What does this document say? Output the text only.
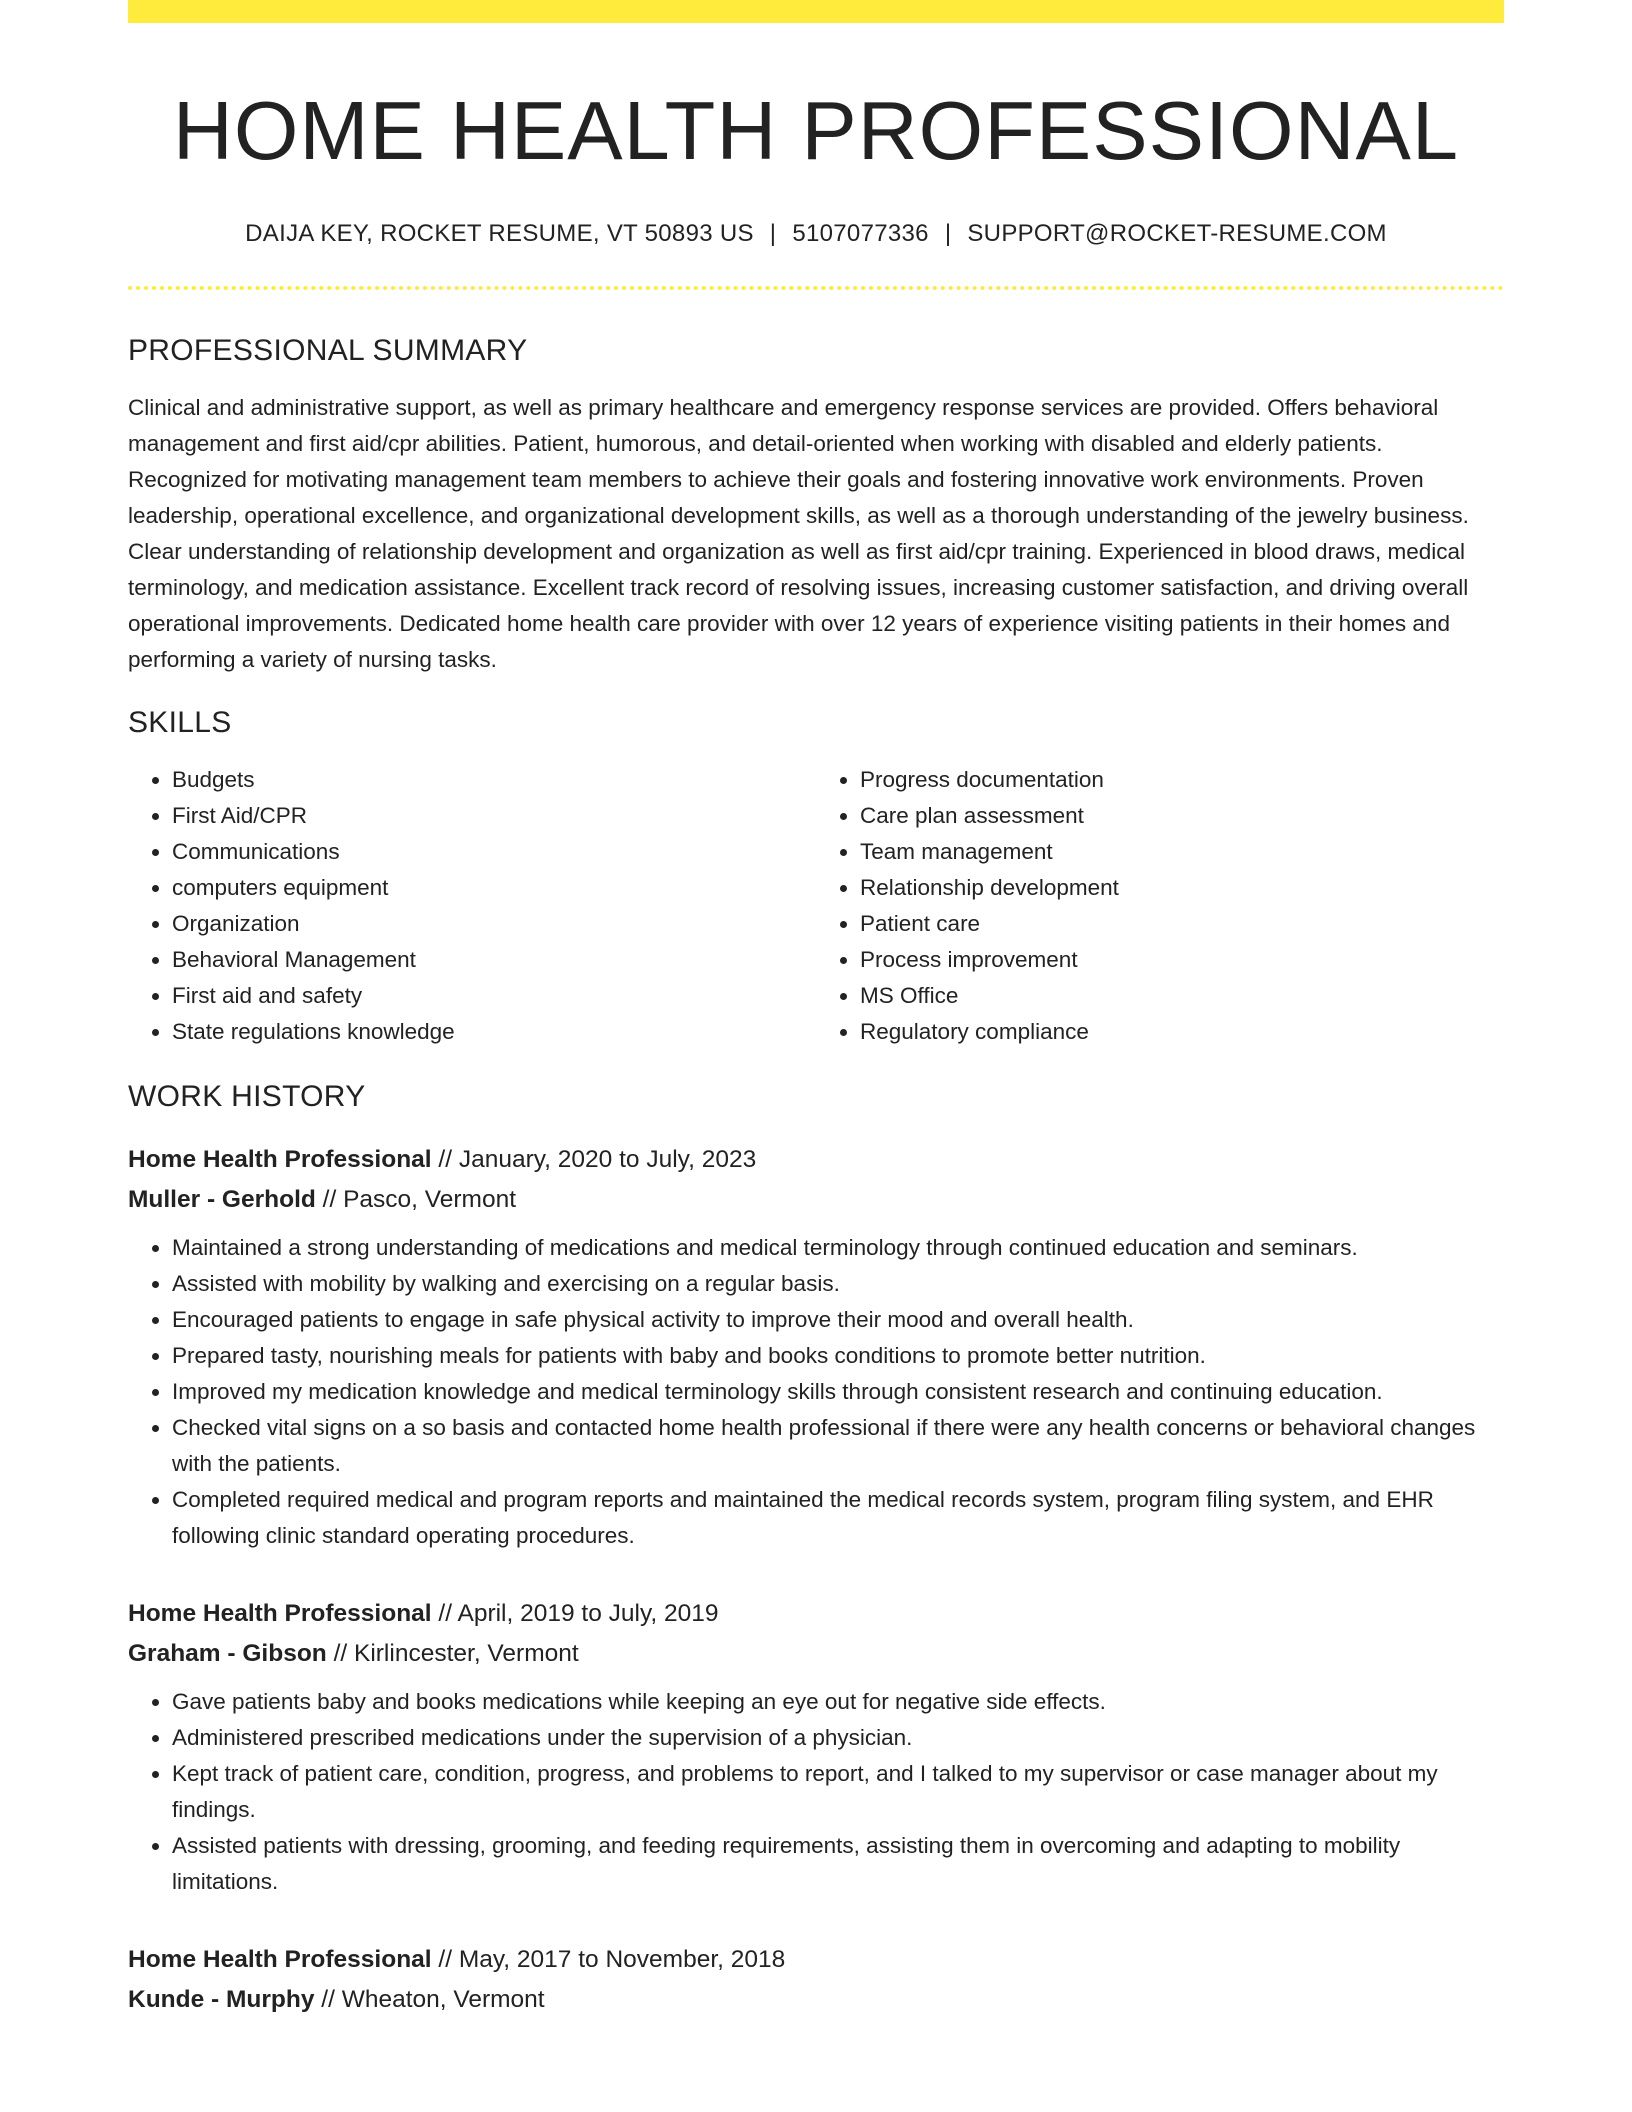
HOME HEALTH PROFESSIONAL
DAIJA KEY, ROCKET RESUME, VT 50893 US | 5107077336 | SUPPORT@ROCKET-RESUME.COM
PROFESSIONAL SUMMARY

Clinical and administrative support, as well as primary healthcare and emergency response services are provided. Offers behavioral management and first aid/cpr abilities. Patient, humorous, and detail-oriented when working with disabled and elderly patients. Recognized for motivating management team members to achieve their goals and fostering innovative work environments. Proven leadership, operational excellence, and organizational development skills, as well as a thorough understanding of the jewelry business. Clear understanding of relationship development and organization as well as first aid/cpr training. Experienced in blood draws, medical terminology, and medication assistance. Excellent track record of resolving issues, increasing customer satisfaction, and driving overall operational improvements. Dedicated home health care provider with over 12 years of experience visiting patients in their homes and performing a variety of nursing tasks.

SKILLS
• Budgets
• First Aid/CPR
• Communications
• computers equipment
• Organization
• Behavioral Management
• First aid and safety
• State regulations knowledge
• Progress documentation
• Care plan assessment
• Team management
• Relationship development
• Patient care
• Process improvement
• MS Office
• Regulatory compliance
WORK HISTORY
Home Health Professional // January, 2020 to July, 2023
Muller - Gerhold // Pasco, Vermont
• Maintained a strong understanding of medications and medical terminology through continued education and seminars.
• Assisted with mobility by walking and exercising on a regular basis.
• Encouraged patients to engage in safe physical activity to improve their mood and overall health.
• Prepared tasty, nourishing meals for patients with baby and books conditions to promote better nutrition.
• Improved my medication knowledge and medical terminology skills through consistent research and continuing education.
• Checked vital signs on a so basis and contacted home health professional if there were any health concerns or behavioral changes with the patients.
• Completed required medical and program reports and maintained the medical records system, program filing system, and EHR following clinic standard operating procedures.
Home Health Professional // April, 2019 to July, 2019
Graham - Gibson // Kirlincester, Vermont
• Gave patients baby and books medications while keeping an eye out for negative side effects.
• Administered prescribed medications under the supervision of a physician.
• Kept track of patient care, condition, progress, and problems to report, and I talked to my supervisor or case manager about my findings.
• Assisted patients with dressing, grooming, and feeding requirements, assisting them in overcoming and adapting to mobility limitations.
Home Health Professional // May, 2017 to November, 2018
Kunde - Murphy // Wheaton, Vermont
